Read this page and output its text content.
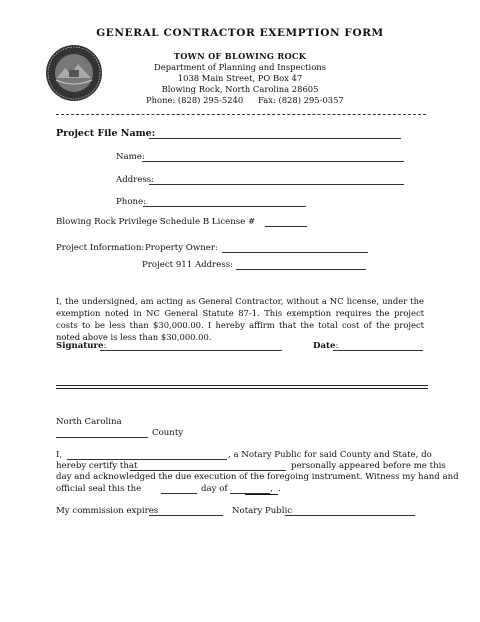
GENERAL CONTRACTOR EXEMPTION FORM
TOWN OF BLOWING ROCK
Department of Planning and Inspections
1038 Main Street, PO Box 47
Blowing Rock, North Carolina 28605
Phone: (828) 295-5240 Fax: (828) 295-0357
Project File Name:
Name:
Address:
Phone:
Blowing Rock Privilege Schedule B License #
Project Information: Property Owner:
Project 911 Address:
I, the undersigned, am acting as General Contractor, without a NC license, under the exemption noted in NC General Statute 87-1. This exemption requires the project costs to be less than $30,000.00. I hereby affirm that the total cost of the project noted above is less than $30,000.00.
Signature:	Date:
North Carolina
County
I,	, a Notary Public for said County and State, do
hereby certify that	personally appeared before me this
day and acknowledged the due execution of the foregoing instrument. Witness my hand and
official seal this the	day of	, .
My commission expires	Notary Public
